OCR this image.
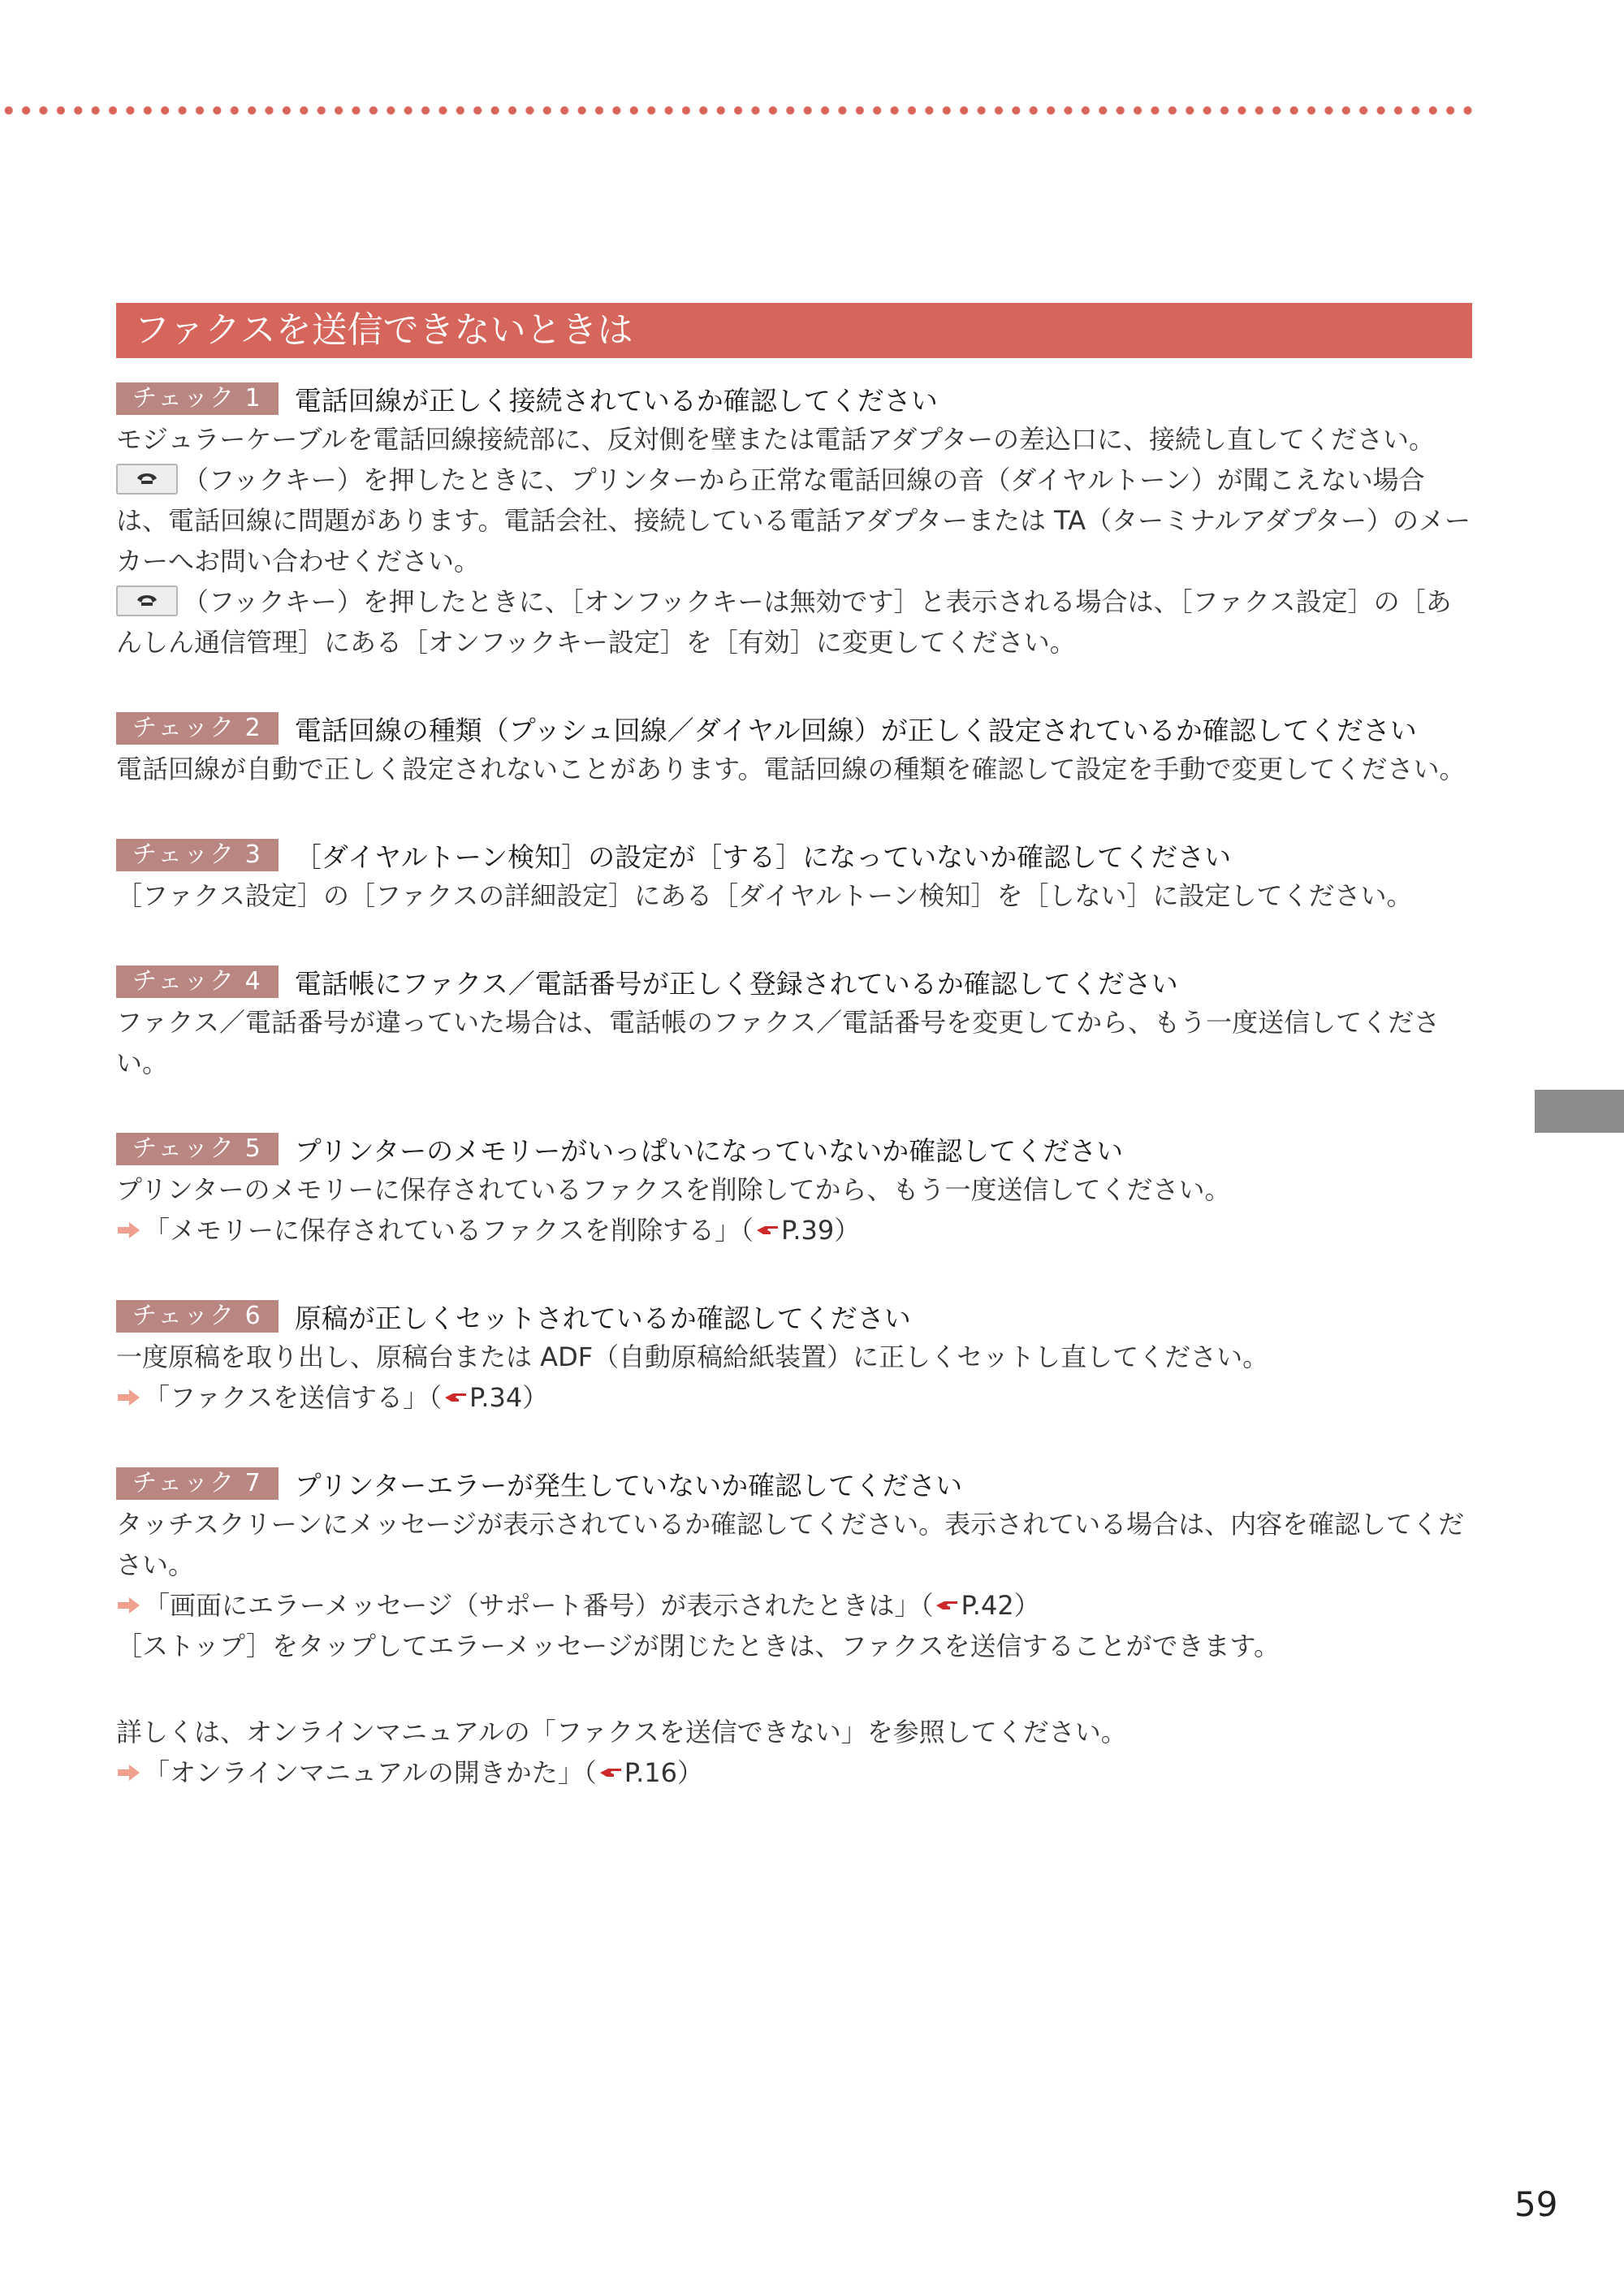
ファクスを送信できないときは
チェック 1	電話回線が正しく接続されているか確認してください

モジュラーケーブルを電話回線接続部に、反対側を壁または電話アダプターの差込口に、接続し直してください。

（フックキー）を押したときに、プリンターから正常な電話回線の音（ダイヤルトーン）が聞こえない場合は、電話回線に問題があります。電話会社、接続している電話アダプターまたは TA（ターミナルアダプター）のメーカーへお問い合わせください。

（フックキー）を押したときに、［オンフックキーは無効です］と表示される場合は、［ファクス設定］の［あんしん通信管理］にある［オンフックキー設定］を［有効］に変更してください。

チェック 2	電話回線の種類（プッシュ回線／ダイヤル回線）が正しく設定されているか確認してください

電話回線が自動で正しく設定されないことがあります。電話回線の種類を確認して設定を手動で変更してください。

チェック 3	［ダイヤルトーン検知］の設定が［する］になっていないか確認してください

［ファクス設定］の［ファクスの詳細設定］にある［ダイヤルトーン検知］を［しない］に設定してください。

チェック 4	電話帳にファクス／電話番号が正しく登録されているか確認してください

ファクス／電話番号が違っていた場合は、電話帳のファクス／電話番号を変更してから、もう一度送信してください。

チェック 5	プリンターのメモリーがいっぱいになっていないか確認してください

プリンターのメモリーに保存されているファクスを削除してから、もう一度送信してください。

「メモリーに保存されているファクスを削除する」（ P.39）
チェック 6	原稿が正しくセットされているか確認してください

一度原稿を取り出し、原稿台または ADF（自動原稿給紙装置）に正しくセットし直してください。

「ファクスを送信する」（ P.34）
チェック 7	プリンターエラーが発生していないか確認してください

タッチスクリーンにメッセージが表示されているか確認してください。表示されている場合は、内容を確認してください。

「画面にエラーメッセージ（サポート番号）が表示されたときは」（ P.42）

［ストップ］をタップしてエラーメッセージが閉じたときは、ファクスを送信することができます。

詳しくは、オンラインマニュアルの「ファクスを送信できない」を参照してください。

「オンラインマニュアルの開きかた」（ P.16）
59
